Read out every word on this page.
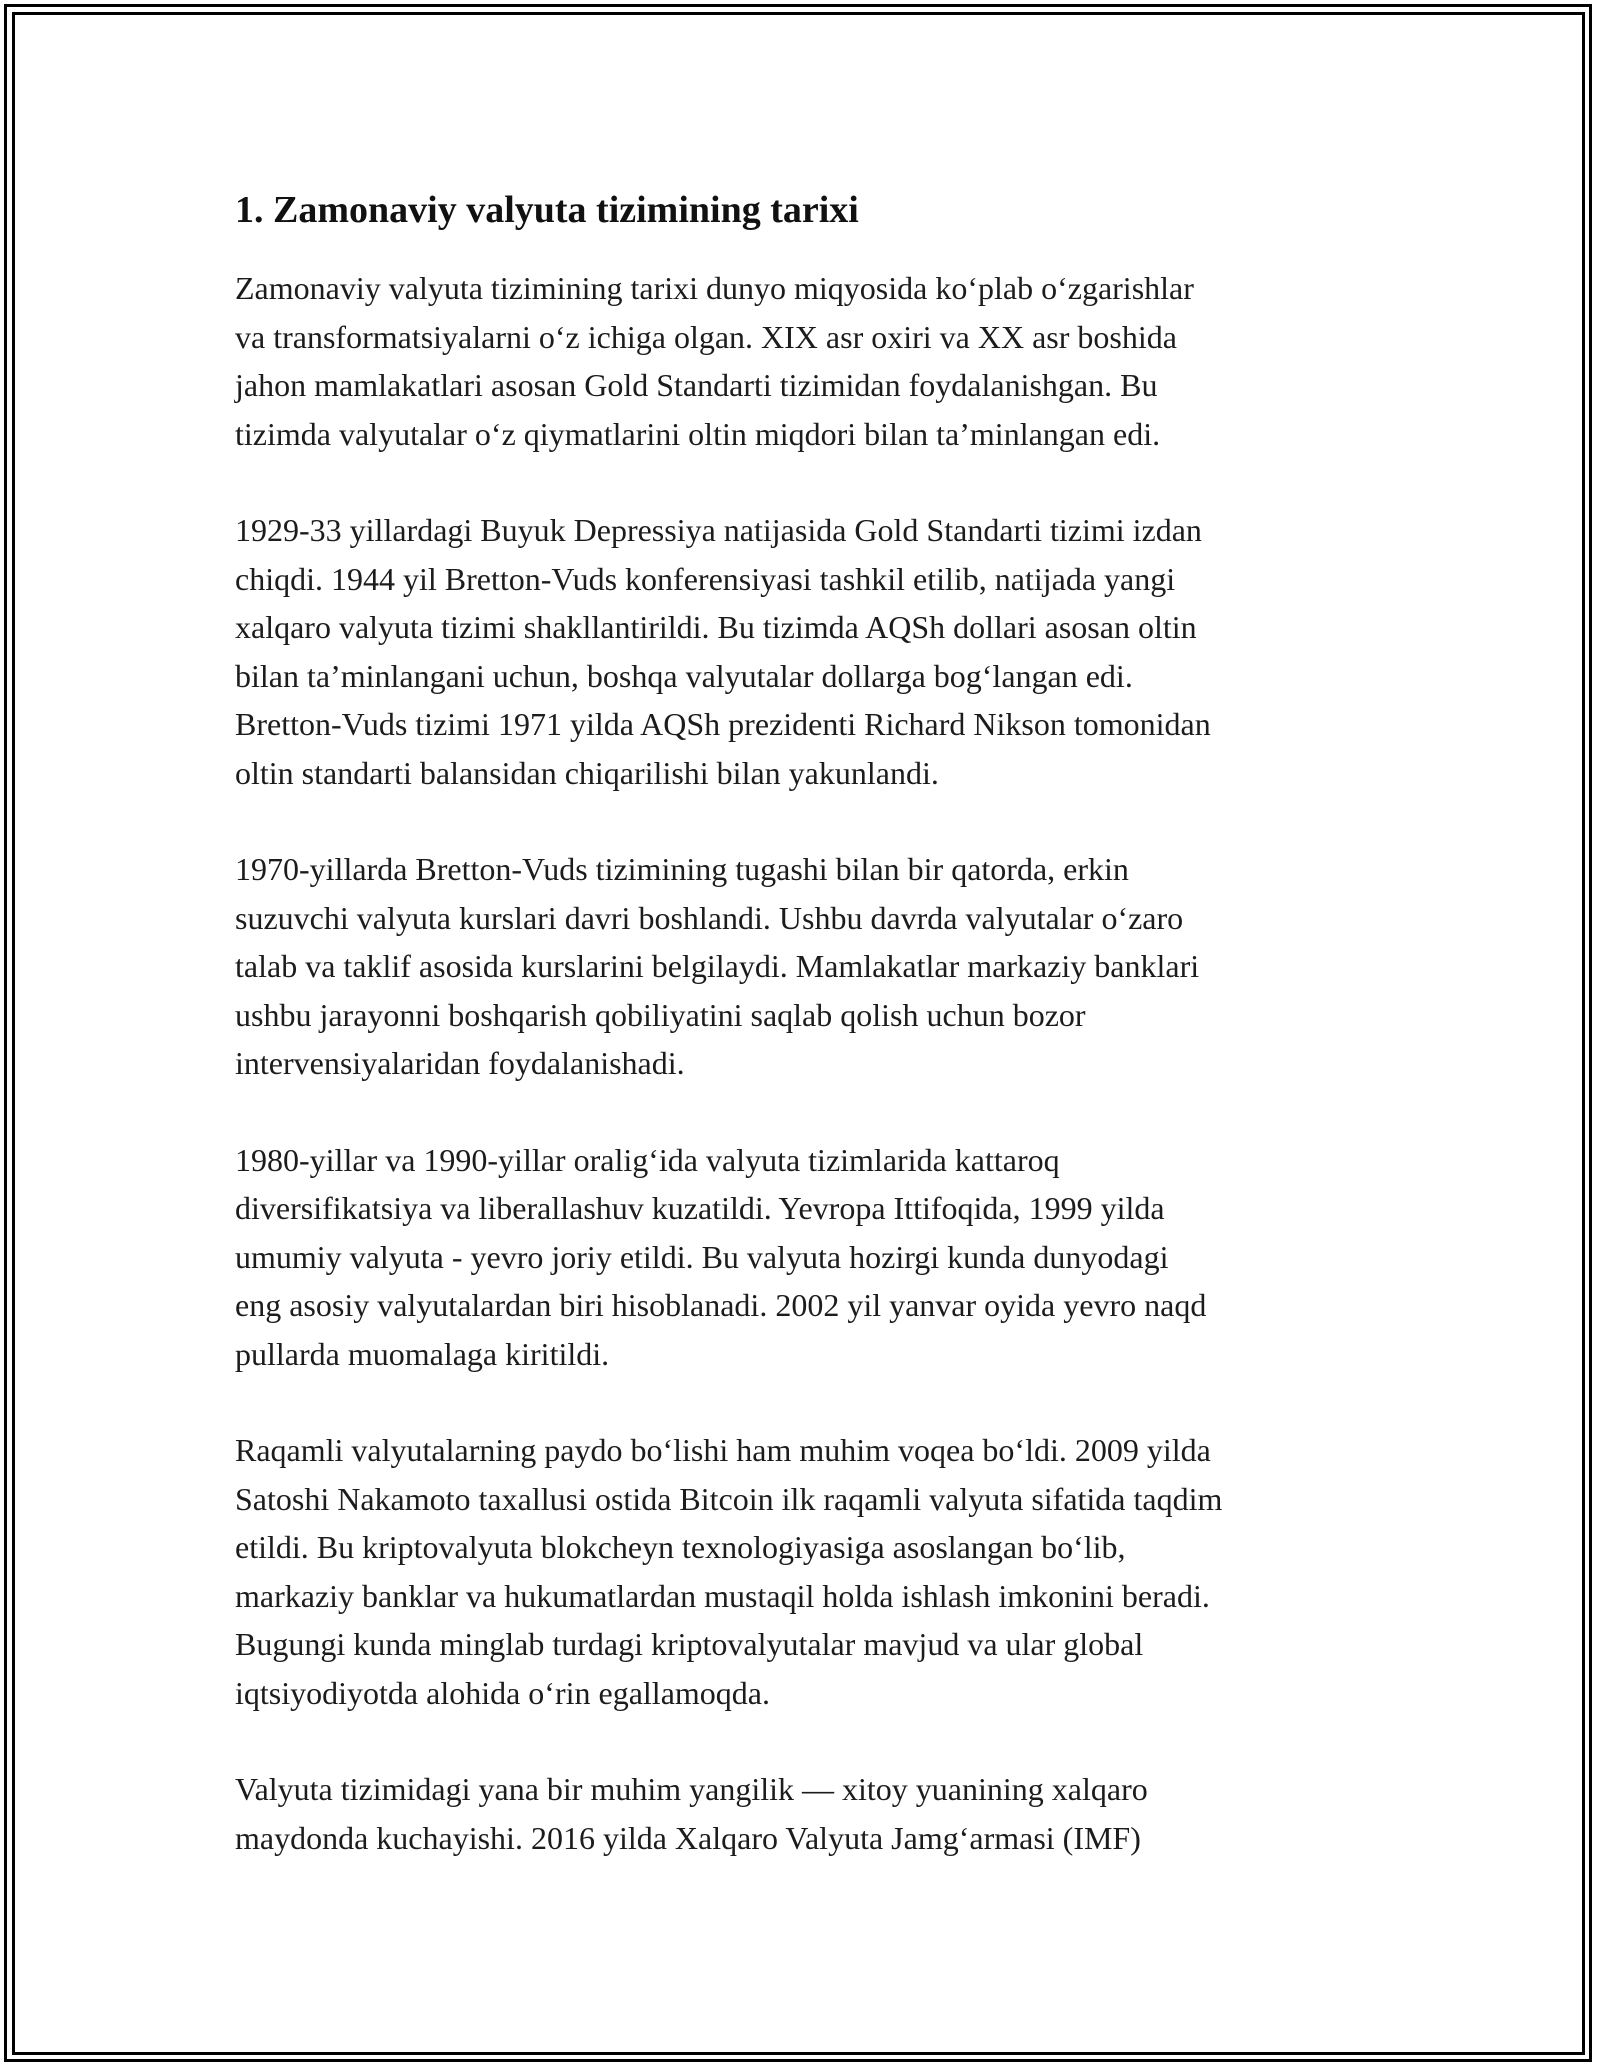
1. Zamonaviy valyuta tizimining tarixi
Zamonaviy valyuta tizimining tarixi dunyo miqyosida koʻplab oʻzgarishlar
va transformatsiyalarni oʻz ichiga olgan. XIX asr oxiri va XX asr boshida
jahon mamlakatlari asosan Gold Standarti tizimidan foydalanishgan. Bu
tizimda valyutalar oʻz qiymatlarini oltin miqdori bilan taʼminlangan edi.
1929-33 yillardagi Buyuk Depressiya natijasida Gold Standarti tizimi izdan
chiqdi. 1944 yil Bretton-Vuds konferensiyasi tashkil etilib, natijada yangi
xalqaro valyuta tizimi shakllantirildi. Bu tizimda AQSh dollari asosan oltin
bilan taʼminlangani uchun, boshqa valyutalar dollarga bogʻlangan edi.
Bretton-Vuds tizimi 1971 yilda AQSh prezidenti Richard Nikson tomonidan
oltin standarti balansidan chiqarilishi bilan yakunlandi.
1970-yillarda Bretton-Vuds tizimining tugashi bilan bir qatorda, erkin
suzuvchi valyuta kurslari davri boshlandi. Ushbu davrda valyutalar oʻzaro
talab va taklif asosida kurslarini belgilaydi. Mamlakatlar markaziy banklari
ushbu jarayonni boshqarish qobiliyatini saqlab qolish uchun bozor
intervensiyalaridan foydalanishadi.
1980-yillar va 1990-yillar oraligʻida valyuta tizimlarida kattaroq
diversifikatsiya va liberallashuv kuzatildi. Yevropa Ittifoqida, 1999 yilda
umumiy valyuta - yevro joriy etildi. Bu valyuta hozirgi kunda dunyodagi
eng asosiy valyutalardan biri hisoblanadi. 2002 yil yanvar oyida yevro naqd
pullarda muomalaga kiritildi.
Raqamli valyutalarning paydo boʻlishi ham muhim voqea boʻldi. 2009 yilda
Satoshi Nakamoto taxallusi ostida Bitcoin ilk raqamli valyuta sifatida taqdim
etildi. Bu kriptovalyuta blokcheyn texnologiyasiga asoslangan boʻlib,
markaziy banklar va hukumatlardan mustaqil holda ishlash imkonini beradi.
Bugungi kunda minglab turdagi kriptovalyutalar mavjud va ular global
iqtsiyodiyotda alohida oʻrin egallamoqda.
Valyuta tizimidagi yana bir muhim yangilik — xitoy yuanining xalqaro
maydonda kuchayishi. 2016 yilda Xalqaro Valyuta Jamgʻarmasi (IMF)
